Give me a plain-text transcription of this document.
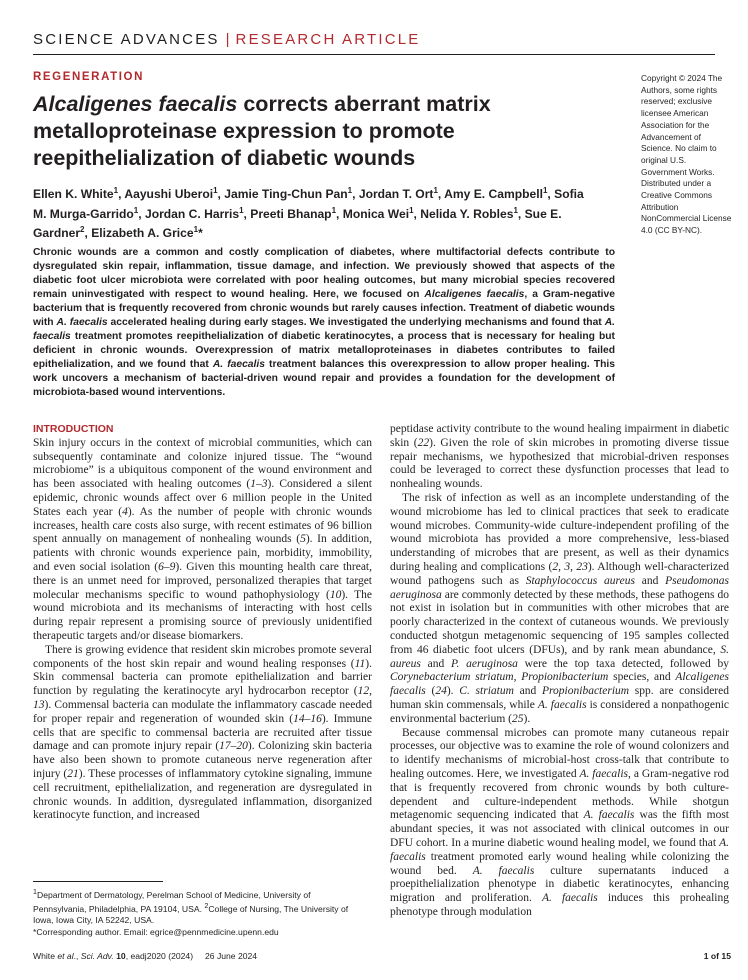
SCIENCE ADVANCES | RESEARCH ARTICLE
REGENERATION
Alcaligenes faecalis corrects aberrant matrix metalloproteinase expression to promote reepithelialization of diabetic wounds
Ellen K. White$^1$, Aayushi Uberoi$^1$, Jamie Ting-Chun Pan$^1$, Jordan T. Ort$^1$, Amy E. Campbell$^1$, Sofia M. Murga-Garrido$^1$, Jordan C. Harris$^1$, Preeti Bhanap$^1$, Monica Wei$^1$, Nelida Y. Robles$^1$, Sue E. Gardner$^2$, Elizabeth A. Grice$^1$*
Copyright © 2024 The Authors, some rights reserved; exclusive licensee American Association for the Advancement of Science. No claim to original U.S. Government Works. Distributed under a Creative Commons Attribution NonCommercial License 4.0 (CC BY-NC).
Chronic wounds are a common and costly complication of diabetes, where multifactorial defects contribute to dysregulated skin repair, inflammation, tissue damage, and infection. We previously showed that aspects of the diabetic foot ulcer microbiota were correlated with poor healing outcomes, but many microbial species recovered remain uninvestigated with respect to wound healing. Here, we focused on Alcaligenes faecalis, a Gram-negative bacterium that is frequently recovered from chronic wounds but rarely causes infection. Treatment of diabetic wounds with A. faecalis accelerated healing during early stages. We investigated the underlying mechanisms and found that A. faecalis treatment promotes reepithelialization of diabetic keratinocytes, a process that is necessary for healing but deficient in chronic wounds. Overexpression of matrix metalloproteinases in diabetes contributes to failed epithelialization, and we found that A. faecalis treatment balances this overexpression to allow proper healing. This work uncovers a mechanism of bacterial-driven wound repair and provides a foundation for the development of microbiota-based wound interventions.
INTRODUCTION

Skin injury occurs in the context of microbial communities, which can subsequently contaminate and colonize injured tissue. The “wound microbiome” is a ubiquitous component of the wound environment and has been associated with healing outcomes (1–3). Considered a silent epidemic, chronic wounds affect over 6 million people in the United States each year (4). As the number of people with chronic wounds increases, health care costs also surge, with recent estimates of 96 billion spent annually on management of nonhealing wounds (5). In addition, patients with chronic wounds experience pain, morbidity, immobility, and even social isolation (6–9). Given this mounting health care threat, there is an unmet need for improved, personalized therapies that target molecular mechanisms specific to wound pathophysiology (10). The wound microbiota and its mechanisms of interacting with host cells during repair represent a promising source of previously unidentified therapeutic targets and/or disease biomarkers.

There is growing evidence that resident skin microbes promote several components of the host skin repair and wound healing responses (11). Skin commensal bacteria can promote epithelialization and barrier function by regulating the keratinocyte aryl hydrocarbon receptor (12, 13). Commensal bacteria can modulate the inflammatory cascade needed for proper repair and regeneration of wounded skin (14–16). Immune cells that are specific to commensal bacteria are recruited after tissue damage and can promote injury repair (17–20). Colonizing skin bacteria have also been shown to promote cutaneous nerve regeneration after injury (21). These processes of inflammatory cytokine signaling, immune cell recruitment, epithelialization, and regeneration are dysregulated in chronic wounds. In addition, dysregulated inflammation, disorganized keratinocyte function, and increased

peptidase activity contribute to the wound healing impairment in diabetic skin (22). Given the role of skin microbes in promoting diverse tissue repair mechanisms, we hypothesized that microbial-driven responses could be leveraged to correct these dysfunction processes that lead to nonhealing wounds.

The risk of infection as well as an incomplete understanding of the wound microbiome has led to clinical practices that seek to eradicate wound microbes. Community-wide culture-independent profiling of the wound microbiota has provided a more comprehensive, less-biased understanding of microbes that are present, as well as their dynamics during healing and complications (2, 3, 23). Although well-characterized wound pathogens such as Staphylococcus aureus and Pseudomonas aeruginosa are commonly detected by these methods, these pathogens do not exist in isolation but in communities with other microbes that are poorly characterized in the context of cutaneous wounds. We previously conducted shotgun metagenomic sequencing of 195 samples collected from 46 diabetic foot ulcers (DFUs), and by rank mean abundance, S. aureus and P. aeruginosa were the top taxa detected, followed by Corynebacterium striatum, Propionibacterium species, and Alcaligenes faecalis (24). C. striatum and Propionibacterium spp. are considered human skin commensals, while A. faecalis is considered a nonpathogenic environmental bacterium (25).

Because commensal microbes can promote many cutaneous repair processes, our objective was to examine the role of wound colonizers and to identify mechanisms of microbial-host cross-talk that contribute to healing outcomes. Here, we investigated A. faecalis, a Gram-negative rod that is frequently recovered from chronic wounds by both culture-dependent and culture-independent methods. While shotgun metagenomic sequencing indicated that A. faecalis was the fifth most abundant species, it was not associated with clinical outcomes in our DFU cohort. In a murine diabetic wound healing model, we found that A. faecalis treatment promoted early wound healing while colonizing the wound bed. A. faecalis culture supernatants induced a proepithelialization phenotype in diabetic keratinocytes, enhancing migration and proliferation. A. faecalis induces this prohealing phenotype through modulation

$^1$Department of Dermatology, Perelman School of Medicine, University of Pennsylvania, Philadelphia, PA 19104, USA. $^2$College of Nursing, The University of Iowa, Iowa City, IA 52242, USA.
*Corresponding author. Email: egrice@pennmedicine.upenn.edu
White et al., Sci. Adv. 10, eadj2020 (2024)     26 June 2024	1 of 15
